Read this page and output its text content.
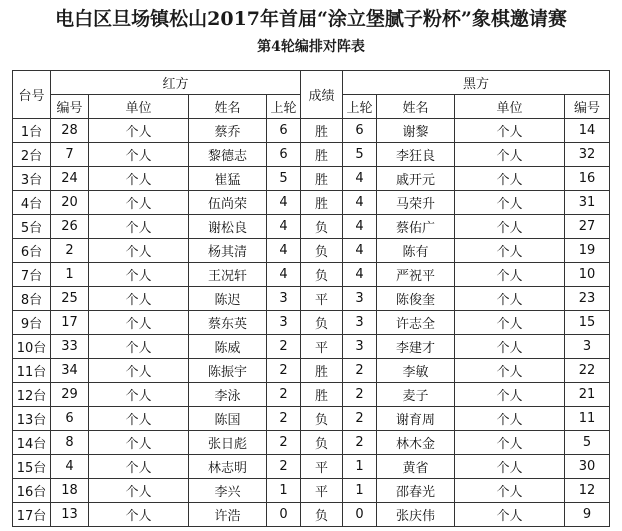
电白区旦场镇松山2017年首届“涂立堡腻子粉杯”象棋邀请赛
第4轮编排对阵表
台号	红方				成绩	黑方			
	编号	单位	姓名	上轮		上轮	姓名	单位	编号
1台	28	个人	蔡乔	6	胜	6	谢黎	个人	14
2台	7	个人	黎德志	6	胜	5	李狂良	个人	32
3台	24	个人	崔猛	5	胜	4	戚开元	个人	16
4台	20	个人	伍尚荣	4	胜	4	马荣升	个人	31
5台	26	个人	谢松良	4	负	4	蔡佑广	个人	27
6台	2	个人	杨其清	4	负	4	陈有	个人	19
7台	1	个人	王况轩	4	负	4	严祝平	个人	10
8台	25	个人	陈迟	3	平	3	陈俊奎	个人	23
9台	17	个人	蔡东英	3	负	3	许志全	个人	15
10台	33	个人	陈威	2	平	3	李建才	个人	3
11台	34	个人	陈振宇	2	胜	2	李敏	个人	22
12台	29	个人	李泳	2	胜	2	麦子	个人	21
13台	6	个人	陈国	2	负	2	谢育周	个人	11
14台	8	个人	张日彪	2	负	2	林木金	个人	5
15台	4	个人	林志明	2	平	1	黄省	个人	30
16台	18	个人	李兴	1	平	1	邵春光	个人	12
17台	13	个人	许浩	0	负	0	张庆伟	个人	9
